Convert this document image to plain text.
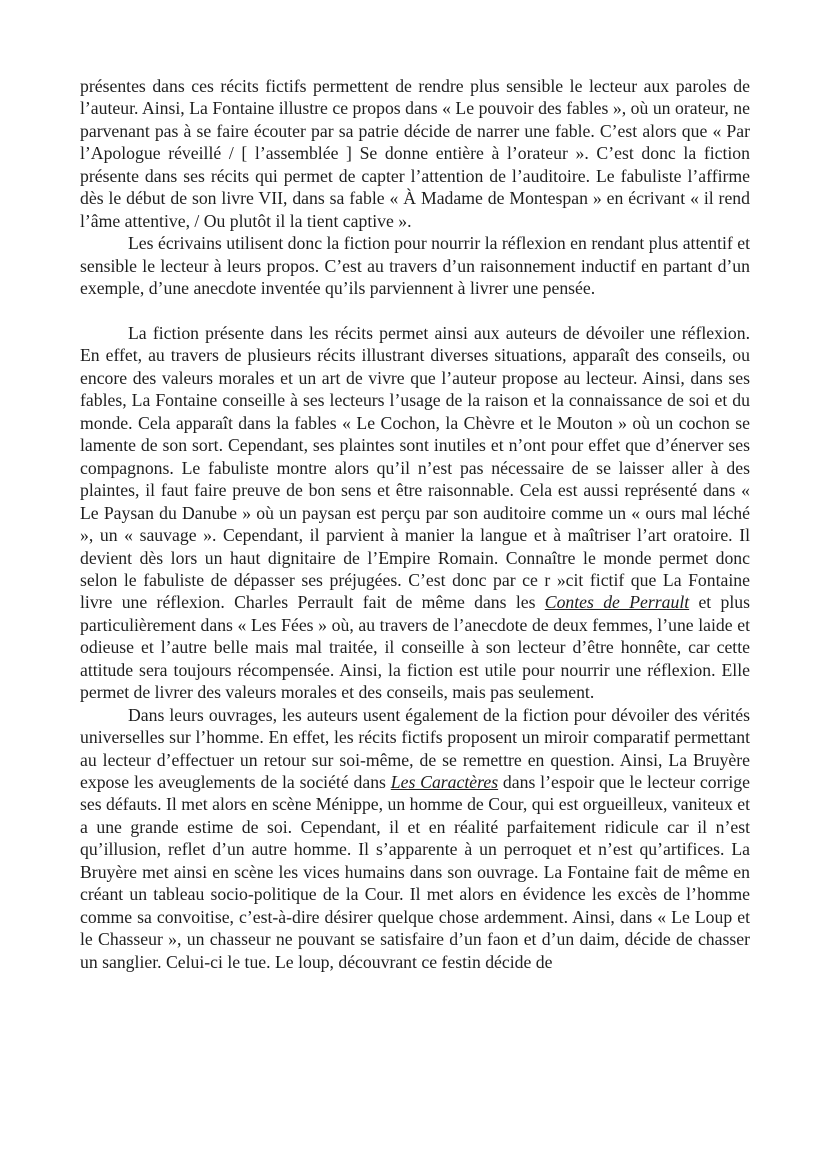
présentes dans ces récits fictifs permettent de rendre plus sensible le lecteur aux paroles de l’auteur. Ainsi, La Fontaine illustre ce propos dans « Le pouvoir des fables », où un orateur, ne parvenant pas à se faire écouter par sa patrie décide de narrer une fable. C’est alors que « Par l’Apologue réveillé / [ l’assemblée ] Se donne entière à l’orateur ». C’est donc la fiction présente dans ses récits qui permet de capter l’attention de l’auditoire. Le fabuliste l’affirme dès le début de son livre VII, dans sa fable « À Madame de Montespan » en écrivant « il rend l’âme attentive, / Ou plutôt il la tient captive ».

Les écrivains utilisent donc la fiction pour nourrir la réflexion en rendant plus attentif et sensible le lecteur à leurs propos. C’est au travers d’un raisonnement inductif en partant d’un exemple, d’une anecdote inventée qu’ils parviennent à livrer une pensée.

La fiction présente dans les récits permet ainsi aux auteurs de dévoiler une réflexion. En effet, au travers de plusieurs récits illustrant diverses situations, apparaît des conseils, ou encore des valeurs morales et un art de vivre que l’auteur propose au lecteur. Ainsi, dans ses fables, La Fontaine conseille à ses lecteurs l’usage de la raison et la connaissance de soi et du monde. Cela apparaît dans la fables « Le Cochon, la Chèvre et le Mouton » où un cochon se lamente de son sort. Cependant, ses plaintes sont inutiles et n’ont pour effet que d’énerver ses compagnons. Le fabuliste montre alors qu’il n’est pas nécessaire de se laisser aller à des plaintes, il faut faire preuve de bon sens et être raisonnable. Cela est aussi représenté dans « Le Paysan du Danube » où un paysan est perçu par son auditoire comme un « ours mal léché », un « sauvage ». Cependant, il parvient à manier la langue et à maîtriser l’art oratoire. Il devient dès lors un haut dignitaire de l’Empire Romain. Connaître le monde permet donc selon le fabuliste de dépasser ses préjugées. C’est donc par ce r »cit fictif que La Fontaine livre une réflexion. Charles Perrault fait de même dans les Contes de Perrault et plus particulièrement dans « Les Fées » où, au travers de l’anecdote de deux femmes, l’une laide et odieuse et l’autre belle mais mal traitée, il conseille à son lecteur d’être honnête, car cette attitude sera toujours récompensée. Ainsi, la fiction est utile pour nourrir une réflexion. Elle permet de livrer des valeurs morales et des conseils, mais pas seulement.

Dans leurs ouvrages, les auteurs usent également de la fiction pour dévoiler des vérités universelles sur l’homme. En effet, les récits fictifs proposent un miroir comparatif permettant au lecteur d’effectuer un retour sur soi-même, de se remettre en question. Ainsi, La Bruyère expose les aveuglements de la société dans Les Caractères dans l’espoir que le lecteur corrige ses défauts. Il met alors en scène Ménippe, un homme de Cour, qui est orgueilleux, vaniteux et a une grande estime de soi. Cependant, il et en réalité parfaitement ridicule car il n’est qu’illusion, reflet d’un autre homme. Il s’apparente à un perroquet et n’est qu’artifices. La Bruyère met ainsi en scène les vices humains dans son ouvrage. La Fontaine fait de même en créant un tableau socio-politique de la Cour. Il met alors en évidence les excès de l’homme comme sa convoitise, c’est-à-dire désirer quelque chose ardemment. Ainsi, dans « Le Loup et le Chasseur », un chasseur ne pouvant se satisfaire d’un faon et d’un daim, décide de chasser un sanglier. Celui-ci le tue. Le loup, découvrant ce festin décide de
